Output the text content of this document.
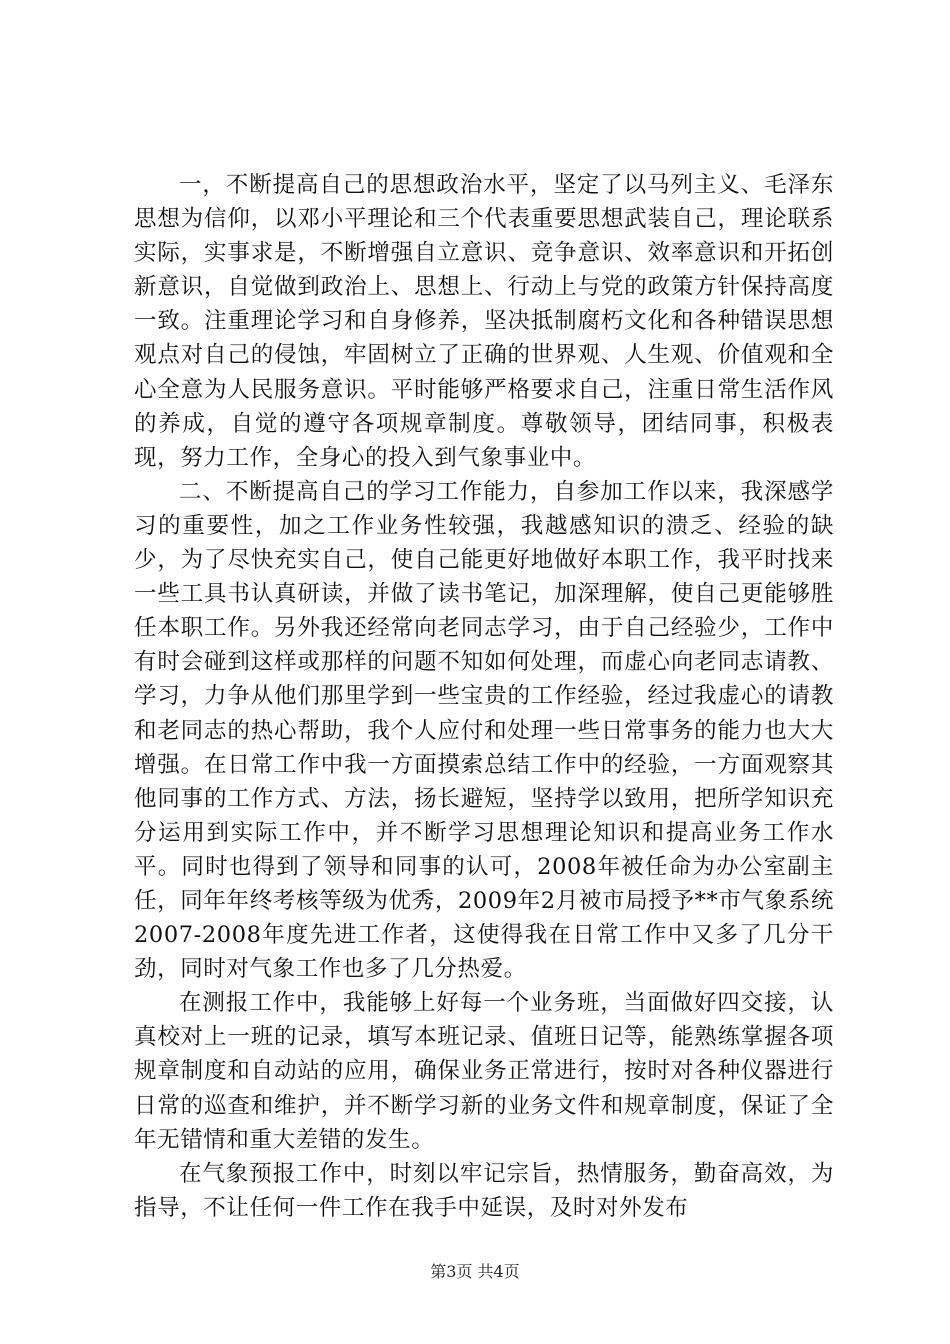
一，不断提高自己的思想政治水平，坚定了以马列主义、毛泽东思想为信仰，以邓小平理论和三个代表重要思想武装自己，理论联系实际，实事求是，不断增强自立意识、竞争意识、效率意识和开拓创新意识，自觉做到政治上、思想上、行动上与党的政策方针保持高度一致。注重理论学习和自身修养，坚决抵制腐朽文化和各种错误思想观点对自己的侵蚀，牢固树立了正确的世界观、人生观、价值观和全心全意为人民服务意识。平时能够严格要求自己，注重日常生活作风的养成，自觉的遵守各项规章制度。尊敬领导，团结同事，积极表现，努力工作，全身心的投入到气象事业中。

二、不断提高自己的学习工作能力，自参加工作以来，我深感学习的重要性，加之工作业务性较强，我越感知识的溃乏、经验的缺少，为了尽快充实自己，使自己能更好地做好本职工作，我平时找来一些工具书认真研读，并做了读书笔记，加深理解，使自己更能够胜任本职工作。另外我还经常向老同志学习，由于自己经验少，工作中有时会碰到这样或那样的问题不知如何处理，而虚心向老同志请教、学习，力争从他们那里学到一些宝贵的工作经验，经过我虚心的请教和老同志的热心帮助，我个人应付和处理一些日常事务的能力也大大增强。在日常工作中我一方面摸索总结工作中的经验，一方面观察其他同事的工作方式、方法，扬长避短，坚持学以致用，把所学知识充分运用到实际工作中，并不断学习思想理论知识和提高业务工作水平。同时也得到了领导和同事的认可，2008年被任命为办公室副主任，同年年终考核等级为优秀，2009年2月被市局授予**市气象系统2007-2008年度先进工作者，这使得我在日常工作中又多了几分干劲，同时对气象工作也多了几分热爱。

在测报工作中，我能够上好每一个业务班，当面做好四交接，认真校对上一班的记录，填写本班记录、值班日记等，能熟练掌握各项规章制度和自动站的应用，确保业务正常进行，按时对各种仪器进行日常的巡查和维护，并不断学习新的业务文件和规章制度，保证了全年无错情和重大差错的发生。

在气象预报工作中，时刻以牢记宗旨，热情服务，勤奋高效，为指导，不让任何一件工作在我手中延误，及时对外发布

第3页 共4页
